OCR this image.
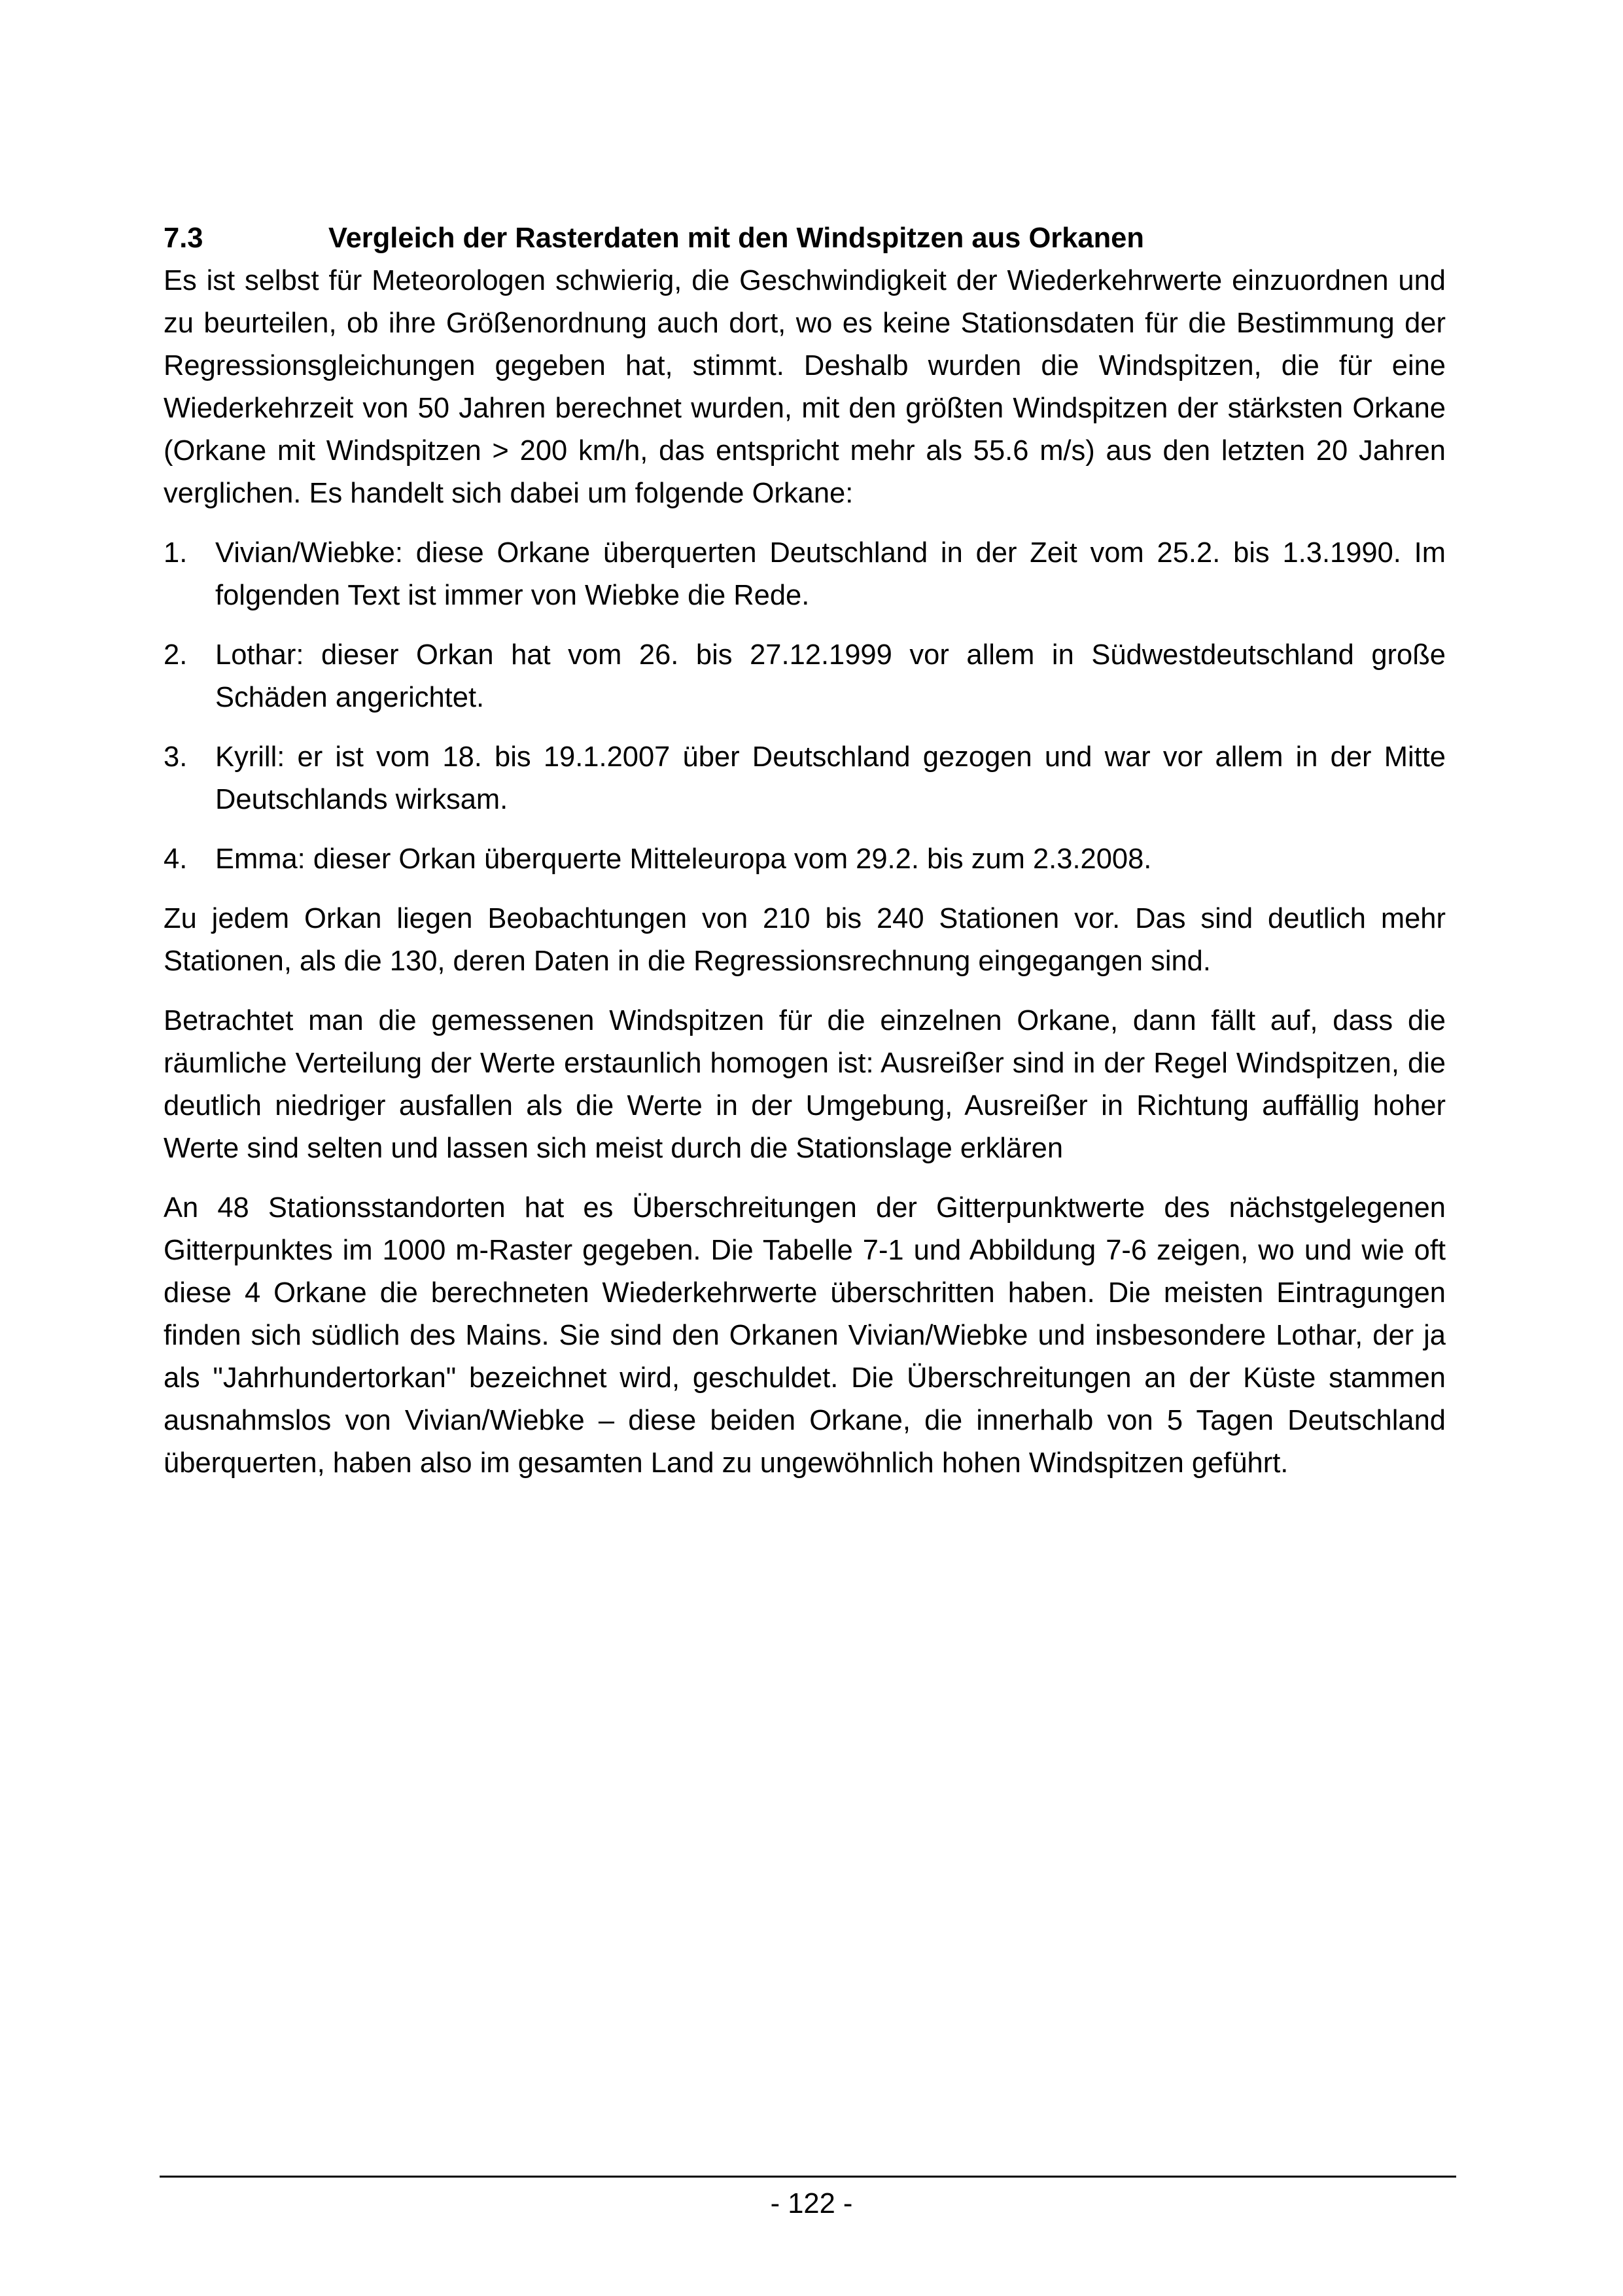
7.3	Vergleich der Rasterdaten mit den Windspitzen aus Orkanen

Es ist selbst für Meteorologen schwierig, die Geschwindigkeit der Wiederkehrwerte einzuordnen und zu beurteilen, ob ihre Größenordnung auch dort, wo es keine Stationsdaten für die Bestimmung der Regressionsgleichungen gegeben hat, stimmt. Deshalb wurden die Windspitzen, die für eine Wiederkehrzeit von 50 Jahren berechnet wurden, mit den größten Windspitzen der stärksten Orkane (Orkane mit Windspitzen > 200 km/h, das entspricht mehr als 55.6 m/s) aus den letzten 20 Jahren verglichen. Es handelt sich dabei um folgende Orkane:

1. Vivian/Wiebke: diese Orkane überquerten Deutschland in der Zeit vom 25.2. bis 1.3.1990. Im folgenden Text ist immer von Wiebke die Rede.
2. Lothar: dieser Orkan hat vom 26. bis 27.12.1999 vor allem in Südwestdeutschland große Schäden angerichtet.
3. Kyrill: er ist vom 18. bis 19.1.2007 über Deutschland gezogen und war vor allem in der Mitte Deutschlands wirksam.
4. Emma: dieser Orkan überquerte Mitteleuropa vom 29.2. bis zum 2.3.2008.

Zu jedem Orkan liegen Beobachtungen von 210 bis 240 Stationen vor. Das sind deutlich mehr Stationen, als die 130, deren Daten in die Regressionsrechnung eingegangen sind.

Betrachtet man die gemessenen Windspitzen für die einzelnen Orkane, dann fällt auf, dass die räumliche Verteilung der Werte erstaunlich homogen ist: Ausreißer sind in der Regel Windspitzen, die deutlich niedriger ausfallen als die Werte in der Umgebung, Ausreißer in Richtung auffällig hoher Werte sind selten und lassen sich meist durch die Stationslage erklären

An 48 Stationsstandorten hat es Überschreitungen der Gitterpunktwerte des nächstgelegenen Gitterpunktes im 1000 m-Raster gegeben. Die Tabelle 7-1 und Abbildung 7-6 zeigen, wo und wie oft diese 4 Orkane die berechneten Wiederkehrwerte überschritten haben. Die meisten Eintragungen finden sich südlich des Mains. Sie sind den Orkanen Vivian/Wiebke und insbesondere Lothar, der ja als "Jahrhundertorkan" bezeichnet wird, geschuldet. Die Überschreitungen an der Küste stammen ausnahmslos von Vivian/Wiebke – diese beiden Orkane, die innerhalb von 5 Tagen Deutschland überquerten, haben also im gesamten Land zu ungewöhnlich hohen Windspitzen geführt.

- 122 -
